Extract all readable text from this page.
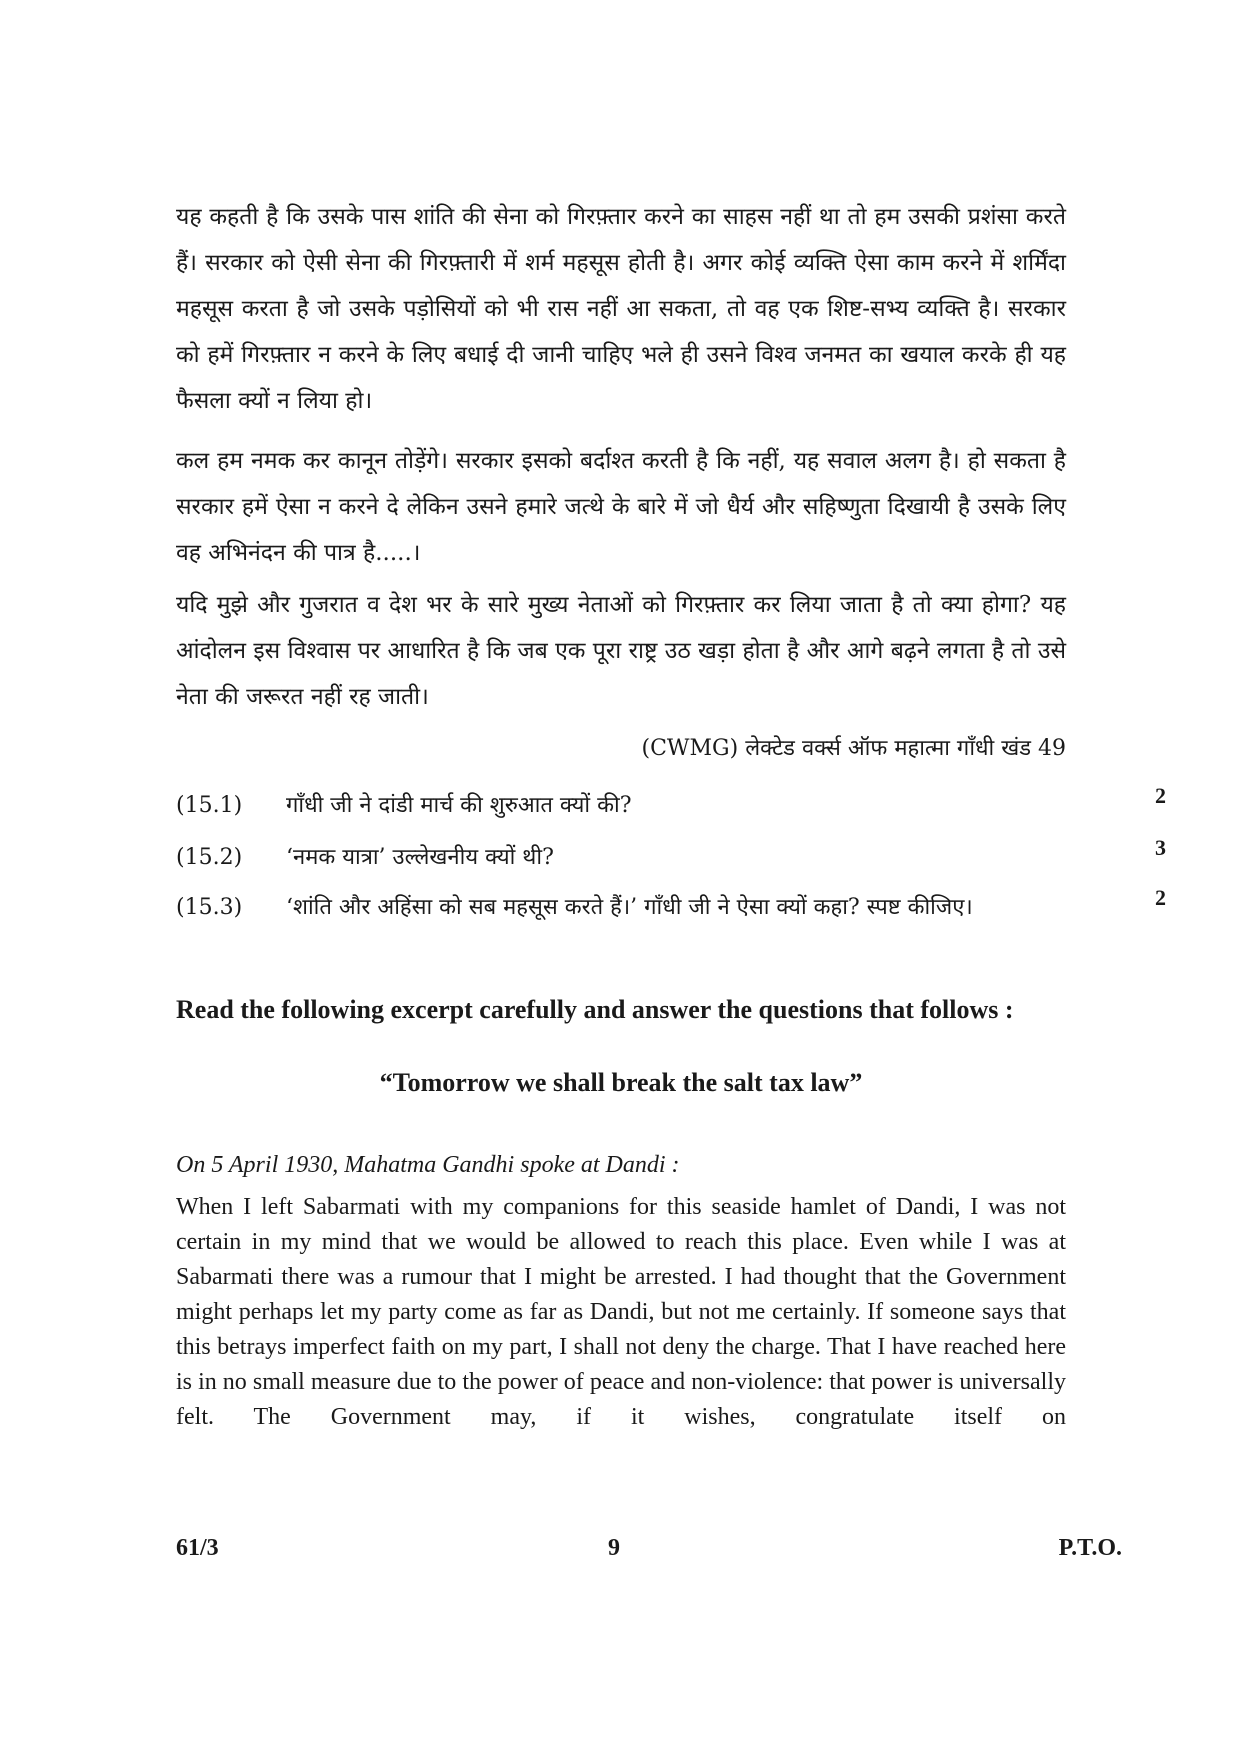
यह कहती है कि उसके पास शांति की सेना को गिरफ़्तार करने का साहस नहीं था तो हम उसकी प्रशंसा करते हैं। सरकार को ऐसी सेना की गिरफ़्तारी में शर्म महसूस होती है। अगर कोई व्यक्ति ऐसा काम करने में शर्मिंदा महसूस करता है जो उसके पड़ोसियों को भी रास नहीं आ सकता, तो वह एक शिष्ट-सभ्य व्यक्ति है। सरकार को हमें गिरफ़्तार न करने के लिए बधाई दी जानी चाहिए भले ही उसने विश्व जनमत का खयाल करके ही यह फैसला क्यों न लिया हो।

कल हम नमक कर कानून तोड़ेंगे। सरकार इसको बर्दाश्त करती है कि नहीं, यह सवाल अलग है। हो सकता है सरकार हमें ऐसा न करने दे लेकिन उसने हमारे जत्थे के बारे में जो धैर्य और सहिष्णुता दिखायी है उसके लिए वह अभिनंदन की पात्र है.....।

यदि मुझे और गुजरात व देश भर के सारे मुख्य नेताओं को गिरफ़्तार कर लिया जाता है तो क्या होगा? यह आंदोलन इस विश्वास पर आधारित है कि जब एक पूरा राष्ट्र उठ खड़ा होता है और आगे बढ़ने लगता है तो उसे नेता की जरूरत नहीं रह जाती।

(CWMG) लेक्टेड वर्क्स ऑफ महात्मा गाँधी खंड 49
(15.1) गाँधी जी ने दांडी मार्च की शुरुआत क्यों की?	2
(15.2) ‘नमक यात्रा’ उल्लेखनीय क्यों थी?	3
(15.3) ‘शांति और अहिंसा को सब महसूस करते हैं।’ गाँधी जी ने ऐसा क्यों कहा? स्पष्ट कीजिए।	2

Read the following excerpt carefully and answer the questions that follows :

“Tomorrow we shall break the salt tax law”
On 5 April 1930, Mahatma Gandhi spoke at Dandi :

When I left Sabarmati with my companions for this seaside hamlet of Dandi, I was not certain in my mind that we would be allowed to reach this place. Even while I was at Sabarmati there was a rumour that I might be arrested. I had thought that the Government might perhaps let my party come as far as Dandi, but not me certainly. If someone says that this betrays imperfect faith on my part, I shall not deny the charge. That I have reached here is in no small measure due to the power of peace and non-violence: that power is universally felt. The Government may, if it wishes, congratulate itself on

61/3	9	P.T.O.
